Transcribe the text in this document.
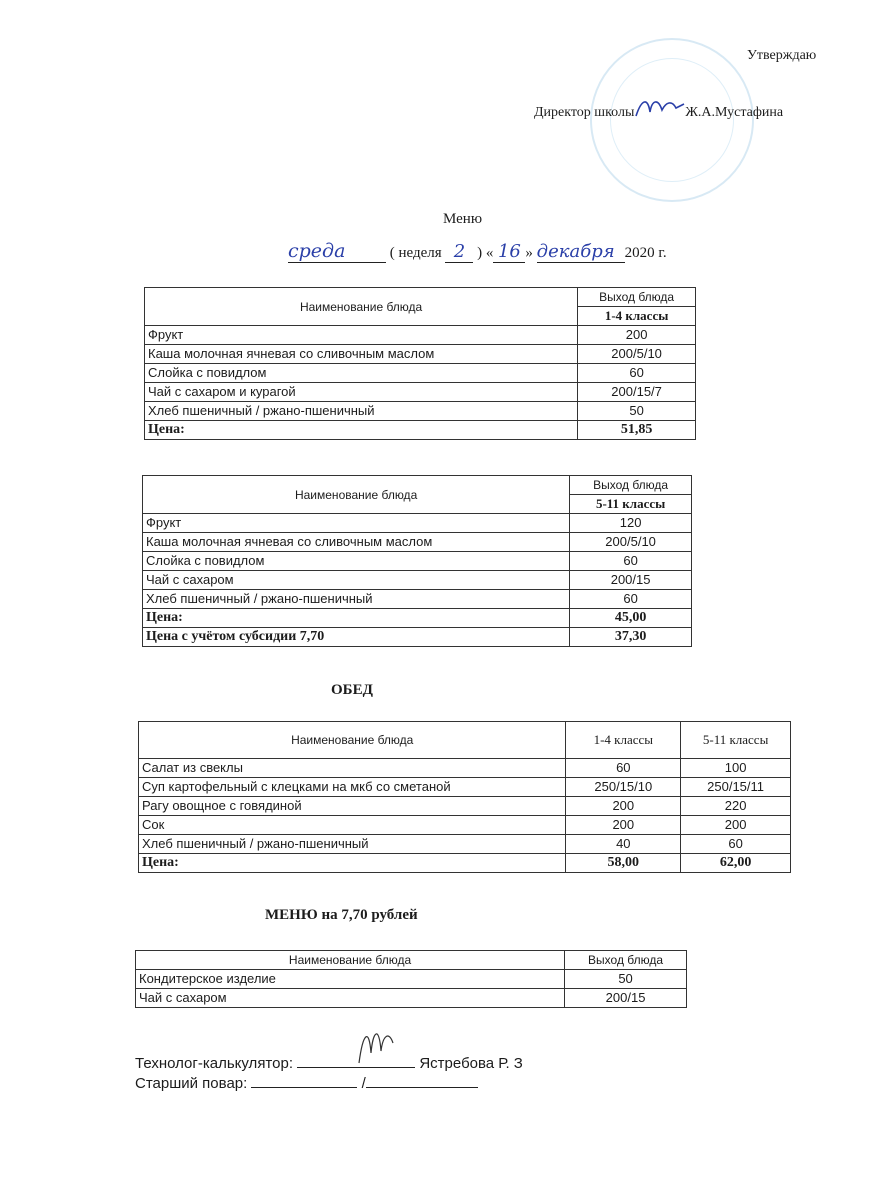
Утверждаю
Директор школы	Ж.А.Мустафина
Меню
среда	( неделя 2 ) « 16 » декабря 2020 г.
Наименование блюда	Выход блюда
	1-4 классы
Фрукт	200
Каша молочная ячневая со сливочным маслом	200/5/10
Слойка с повидлом	60
Чай с сахаром и курагой	200/15/7
Хлеб пшеничный / ржано-пшеничный	50
Цена:	51,85
Наименование блюда	Выход блюда
	5-11 классы
Фрукт	120
Каша молочная ячневая со сливочным маслом	200/5/10
Слойка с повидлом	60
Чай с сахаром	200/15
Хлеб пшеничный / ржано-пшеничный	60
Цена:	45,00
Цена с учётом субсидии 7,70	37,30
ОБЕД
Наименование блюда	1-4 классы	5-11 классы
Салат из свеклы	60	100
Суп картофельный с клецками на мкб со сметаной	250/15/10	250/15/11
Рагу овощное с говядиной	200	220
Сок	200	200
Хлеб пшеничный / ржано-пшеничный	40	60
Цена:	58,00	62,00
МЕНЮ на 7,70 рублей
Наименование блюда	Выход блюда
Кондитерское изделие	50
Чай с сахаром	200/15
Технолог-калькулятор:	Ястребова Р. З
Старший повар:	/
